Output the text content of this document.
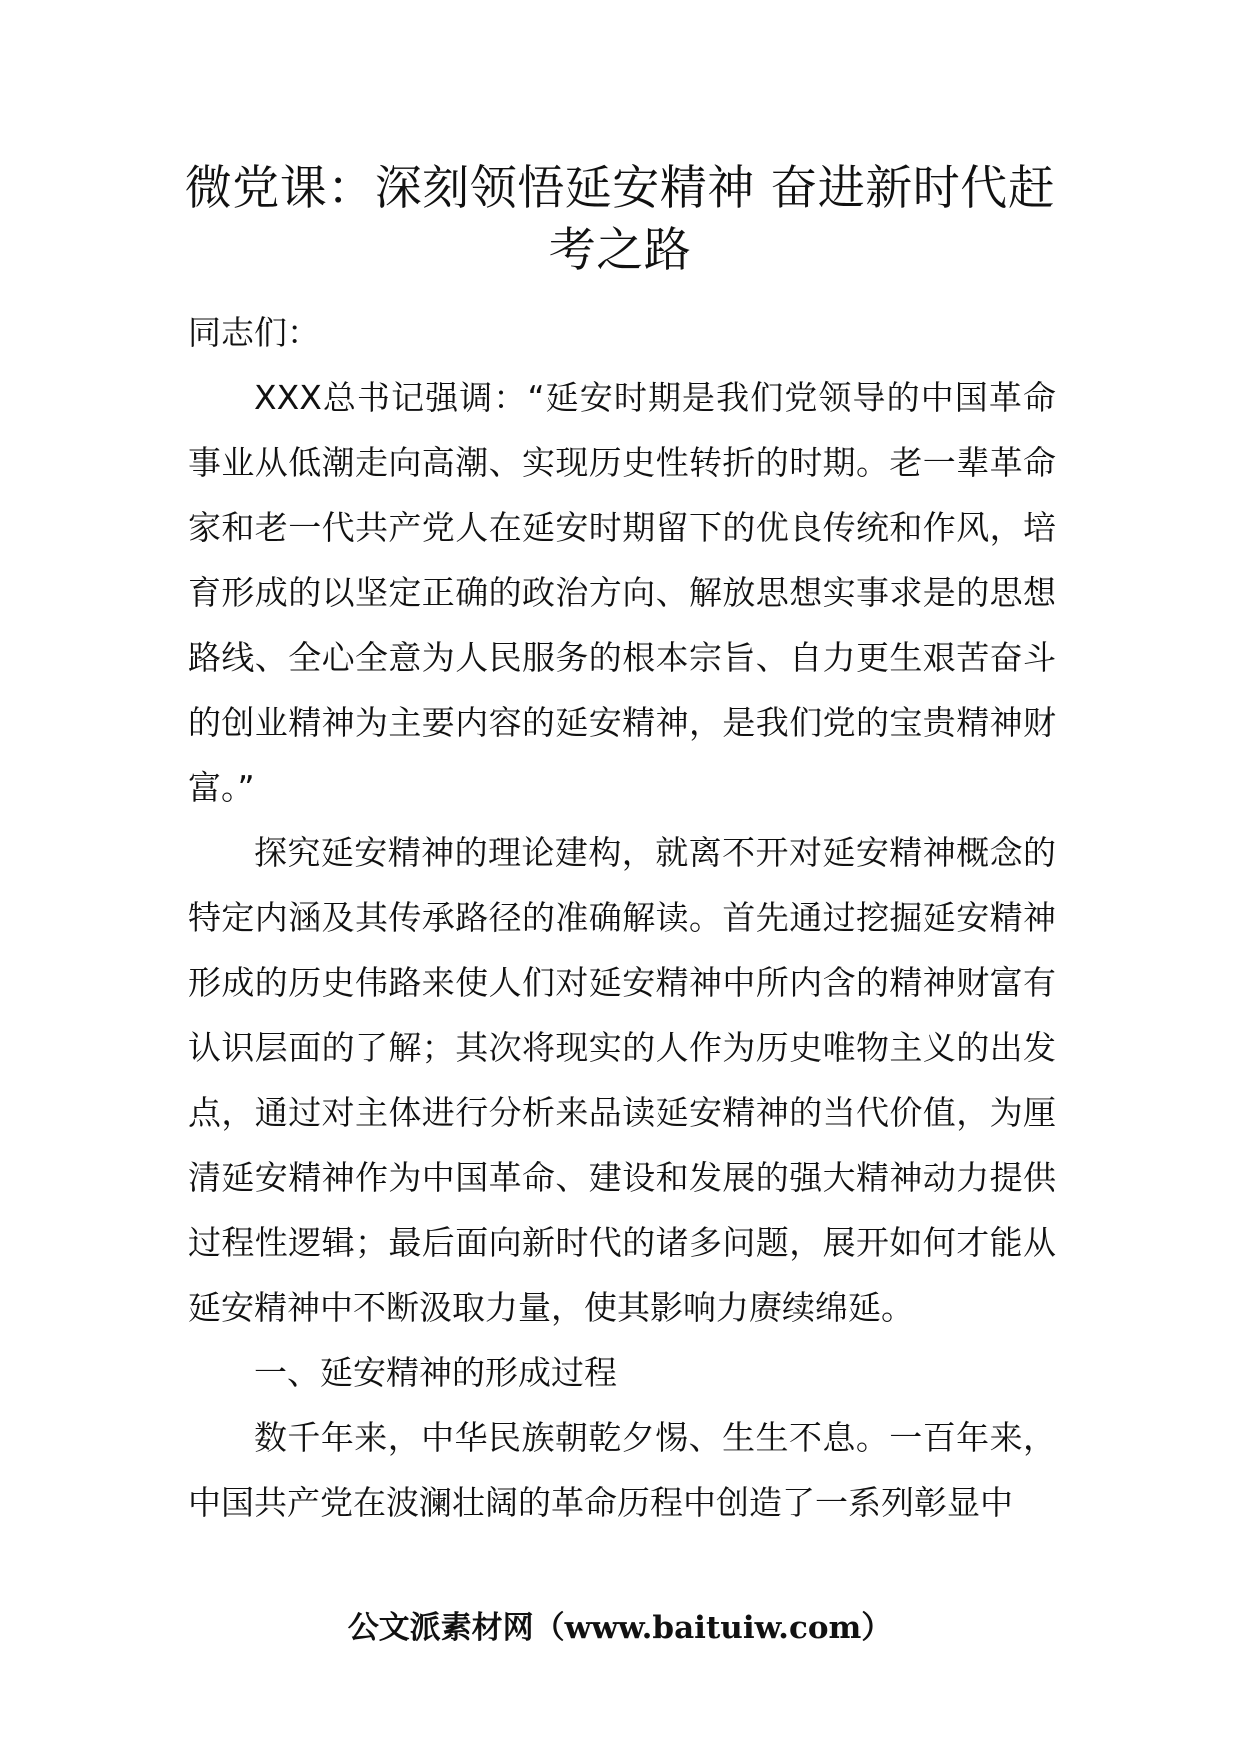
微党课：深刻领悟延安精神 奋进新时代赶考之路

同志们：

XXX总书记强调：“延安时期是我们党领导的中国革命事业从低潮走向高潮、实现历史性转折的时期。老一辈革命家和老一代共产党人在延安时期留下的优良传统和作风，培育形成的以坚定正确的政治方向、解放思想实事求是的思想路线、全心全意为人民服务的根本宗旨、自力更生艰苦奋斗的创业精神为主要内容的延安精神，是我们党的宝贵精神财富。”

探究延安精神的理论建构，就离不开对延安精神概念的特定内涵及其传承路径的准确解读。首先通过挖掘延安精神形成的历史伟路来使人们对延安精神中所内含的精神财富有认识层面的了解；其次将现实的人作为历史唯物主义的出发点，通过对主体进行分析来品读延安精神的当代价值，为厘清延安精神作为中国革命、建设和发展的强大精神动力提供过程性逻辑；最后面向新时代的诸多问题，展开如何才能从延安精神中不断汲取力量，使其影响力赓续绵延。

一、延安精神的形成过程

数千年来，中华民族朝乾夕惕、生生不息。一百年来，中国共产党在波澜壮阔的革命历程中创造了一系列彰显中

公文派素材网（www.baituiw.com）
